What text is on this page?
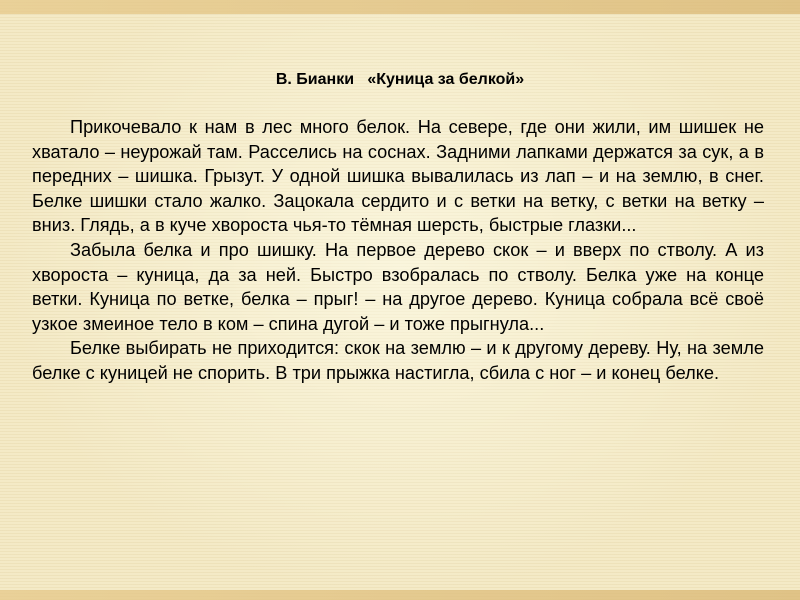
В. Бианки   «Куница за белкой»

Прикочевало к нам в лес много белок. На севере, где они жили, им шишек не хватало – неурожай там. Расселись на соснах. Задними лапками держатся за сук, а в передних – шишка. Грызут. У одной шишка вывалилась из лап – и на землю, в снег. Белке шишки стало жалко. Зацокала сердито и с ветки на ветку, с ветки на ветку – вниз. Глядь, а в куче хвороста чья-то тёмная шерсть, быстрые глазки...

Забыла белка и про шишку. На первое дерево скок – и вверх по стволу. А из хвороста – куница, да за ней. Быстро взобралась по стволу. Белка уже на конце ветки. Куница по ветке, белка – прыг! – на другое дерево. Куница собрала всё своё узкое змеиное тело в ком – спина дугой – и тоже прыгнула...

Белке выбирать не приходится: скок на землю – и к другому дереву. Ну, на земле белке с куницей не спорить. В три прыжка настигла, сбила с ног – и конец белке.
